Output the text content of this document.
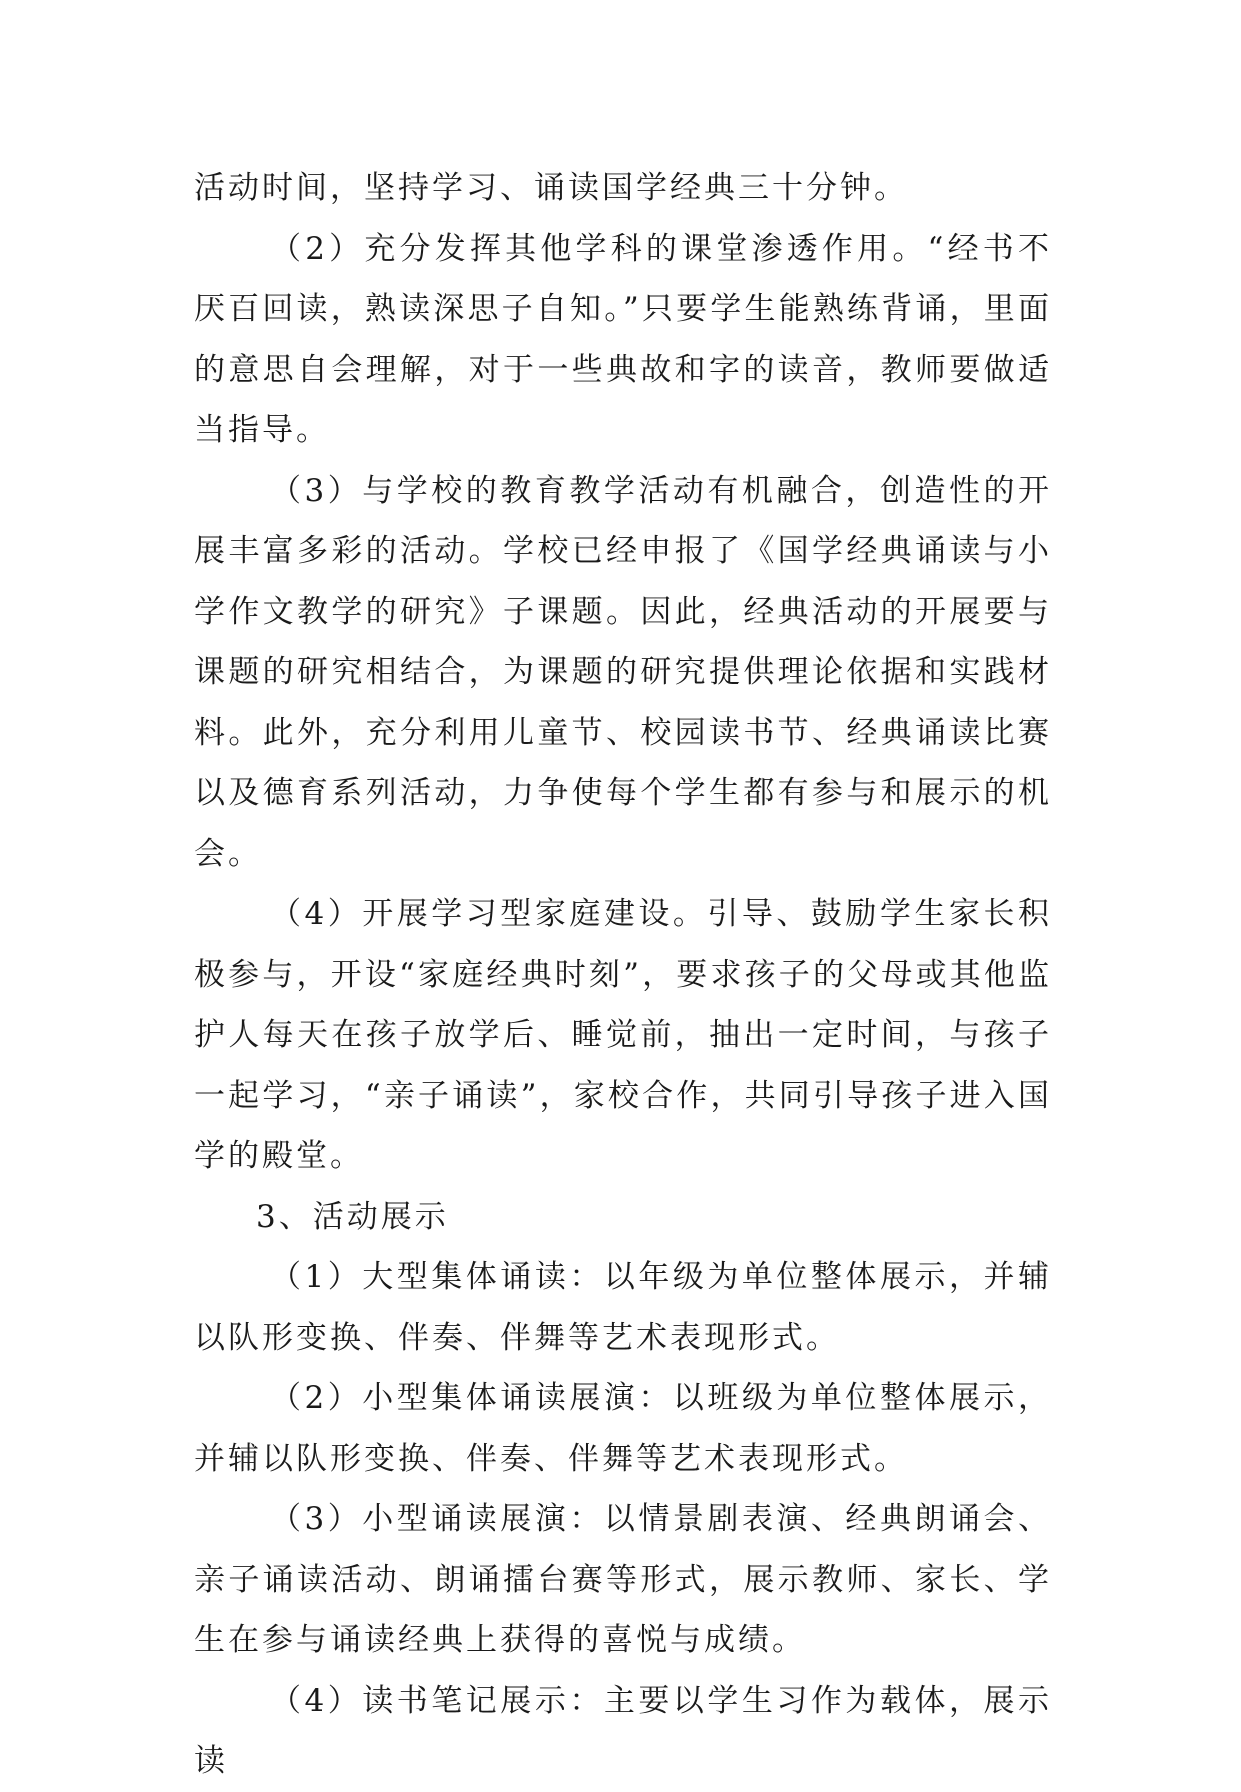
活动时间，坚持学习、诵读国学经典三十分钟。

（2）充分发挥其他学科的课堂渗透作用。“经书不厌百回读，熟读深思子自知。”只要学生能熟练背诵，里面的意思自会理解，对于一些典故和字的读音，教师要做适当指导。

（3）与学校的教育教学活动有机融合，创造性的开展丰富多彩的活动。学校已经申报了《国学经典诵读与小学作文教学的研究》子课题。因此，经典活动的开展要与课题的研究相结合，为课题的研究提供理论依据和实践材料。此外，充分利用儿童节、校园读书节、经典诵读比赛以及德育系列活动，力争使每个学生都有参与和展示的机会。

（4）开展学习型家庭建设。引导、鼓励学生家长积极参与，开设“家庭经典时刻”，要求孩子的父母或其他监护人每天在孩子放学后、睡觉前，抽出一定时间，与孩子一起学习，“亲子诵读”，家校合作，共同引导孩子进入国学的殿堂。

3、活动展示

（1）大型集体诵读：以年级为单位整体展示，并辅以队形变换、伴奏、伴舞等艺术表现形式。

（2）小型集体诵读展演：以班级为单位整体展示，并辅以队形变换、伴奏、伴舞等艺术表现形式。

（3）小型诵读展演：以情景剧表演、经典朗诵会、亲子诵读活动、朗诵擂台赛等形式，展示教师、家长、学生在参与诵读经典上获得的喜悦与成绩。

（4）读书笔记展示：主要以学生习作为载体，展示读
